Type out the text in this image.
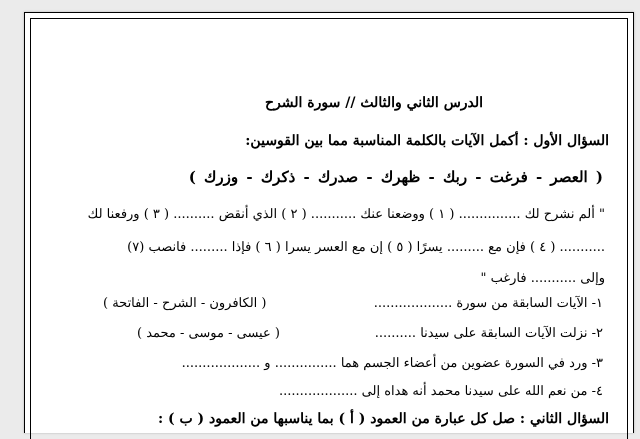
الدرس الثاني والثالث // سورة الشرح
السؤال الأول : أكمل الآيات بالكلمة المناسبة مما بين القوسين:
( العصر - فرغت - ربك - ظهرك - صدرك - ذكرك - وزرك )
" ألم نشرح لك ............... ( ١ ) ووضعنا عنك ........... ( ٢ ) الذي أنقض .......... ( ٣ ) ورفعنا لك
........... ( ٤ ) فإن مع ......... يسرًا ( ٥ ) إن مع العسر يسرا ( ٦ ) فإذا ......... فانصب (٧)
وإلى ........... فارغب "
١- الآيات السابقة من سورة ...................
( الكافرون - الشرح - الفاتحة )
٢- نزلت الآيات السابقة على سيدنا ..........
( عيسى - موسى - محمد )
٣- ورد في السورة عضوين من أعضاء الجسم هما ............... و ...................
٤- من نعم الله على سيدنا محمد أنه هداه إلى ...................
السؤال الثاني : صل كل عبارة من العمود ( أ ) بما يناسبها من العمود ( ب ) :
